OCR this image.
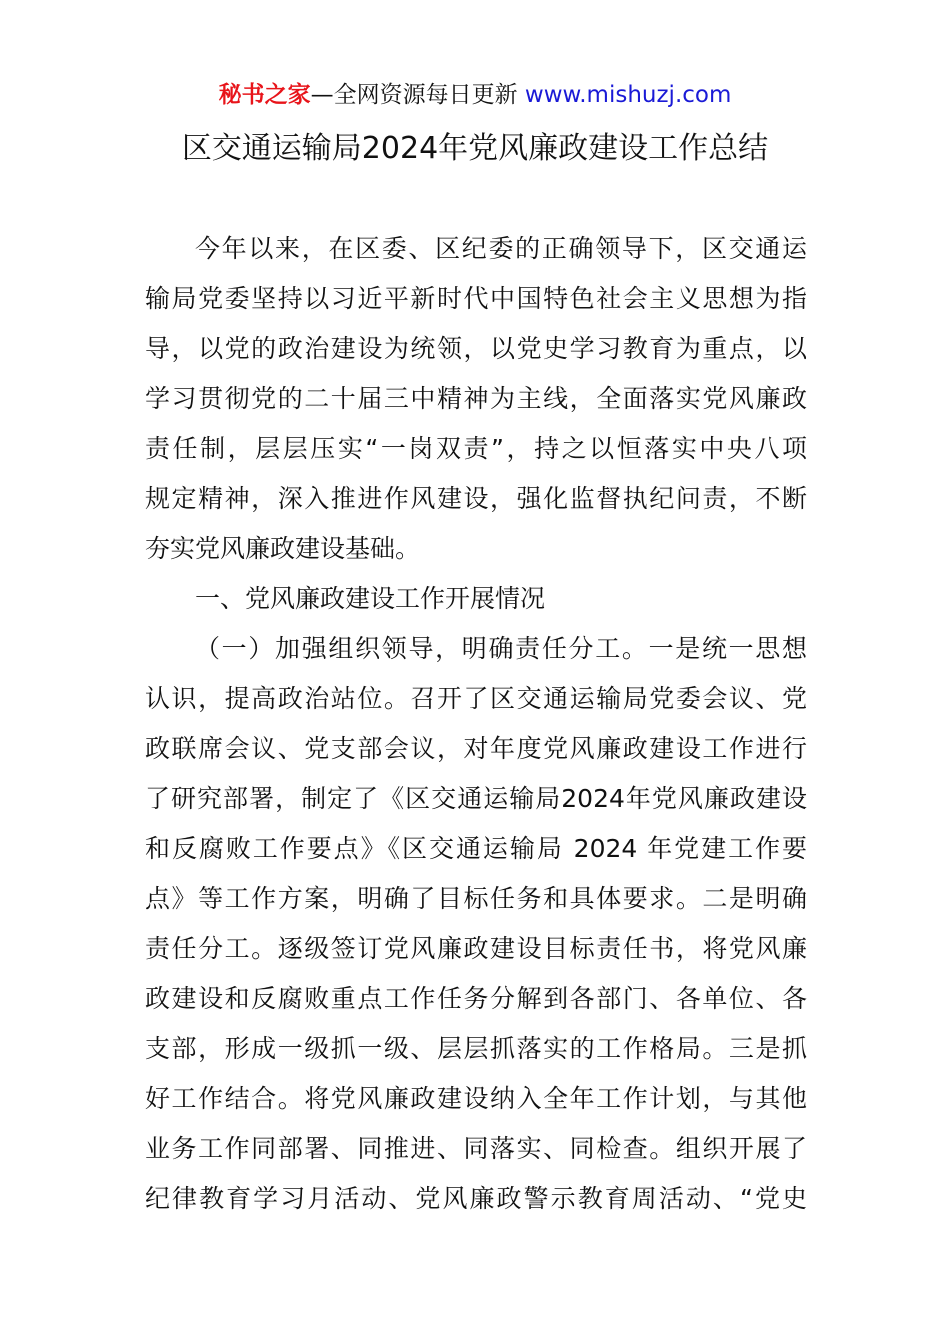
秘书之家—全网资源每日更新 www.mishuzj.com
区交通运输局2024年党风廉政建设工作总结
今年以来，在区委、区纪委的正确领导下，区交通运
输局党委坚持以习近平新时代中国特色社会主义思想为指
导，以党的政治建设为统领，以党史学习教育为重点，以
学习贯彻党的二十届三中精神为主线，全面落实党风廉政
责任制，层层压实“一岗双责”，持之以恒落实中央八项
规定精神，深入推进作风建设，强化监督执纪问责，不断
夯实党风廉政建设基础。
一、党风廉政建设工作开展情况
（一）加强组织领导，明确责任分工。一是统一思想
认识，提高政治站位。召开了区交通运输局党委会议、党
政联席会议、党支部会议，对年度党风廉政建设工作进行
了研究部署，制定了《区交通运输局2024年党风廉政建设
和反腐败工作要点》《区交通运输局 2024 年党建工作要
点》等工作方案，明确了目标任务和具体要求。二是明确
责任分工。逐级签订党风廉政建设目标责任书，将党风廉
政建设和反腐败重点工作任务分解到各部门、各单位、各
支部，形成一级抓一级、层层抓落实的工作格局。三是抓
好工作结合。将党风廉政建设纳入全年工作计划，与其他
业务工作同部署、同推进、同落实、同检查。组织开展了
纪律教育学习月活动、党风廉政警示教育周活动、“党史
